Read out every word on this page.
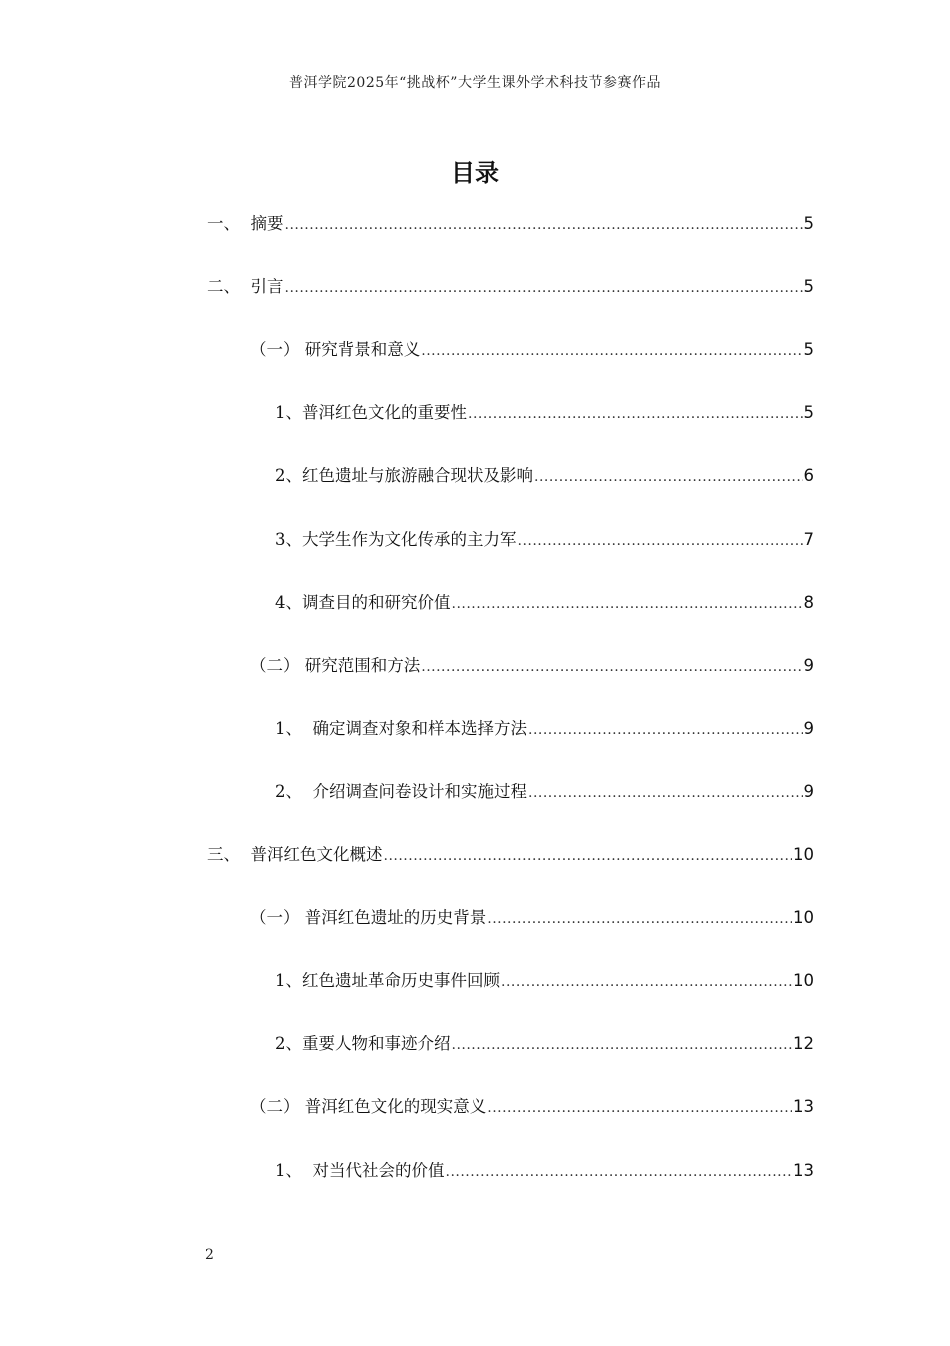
普洱学院2025年“挑战杯”大学生课外学术科技节参赛作品
目录
一、 摘要 .....	5
二、 引言 .....	5
（一） 研究背景和意义 .....	5
1、 普洱红色文化的重要性 .....	5
2、 红色遗址与旅游融合现状及影响 .....	6
3、 大学生作为文化传承的主力军 .....	7
4、 调查目的和研究价值 .....	8
（二） 研究范围和方法 .....	9
1、 确定调查对象和样本选择方法 .....	9
2、 介绍调查问卷设计和实施过程 .....	9
三、 普洱红色文化概述 .....	10
（一） 普洱红色遗址的历史背景 .....	10
1、 红色遗址革命历史事件回顾 .....	10
2、 重要人物和事迹介绍 .....	12
（二） 普洱红色文化的现实意义 .....	13
1、 对当代社会的价值 .....	13
2
